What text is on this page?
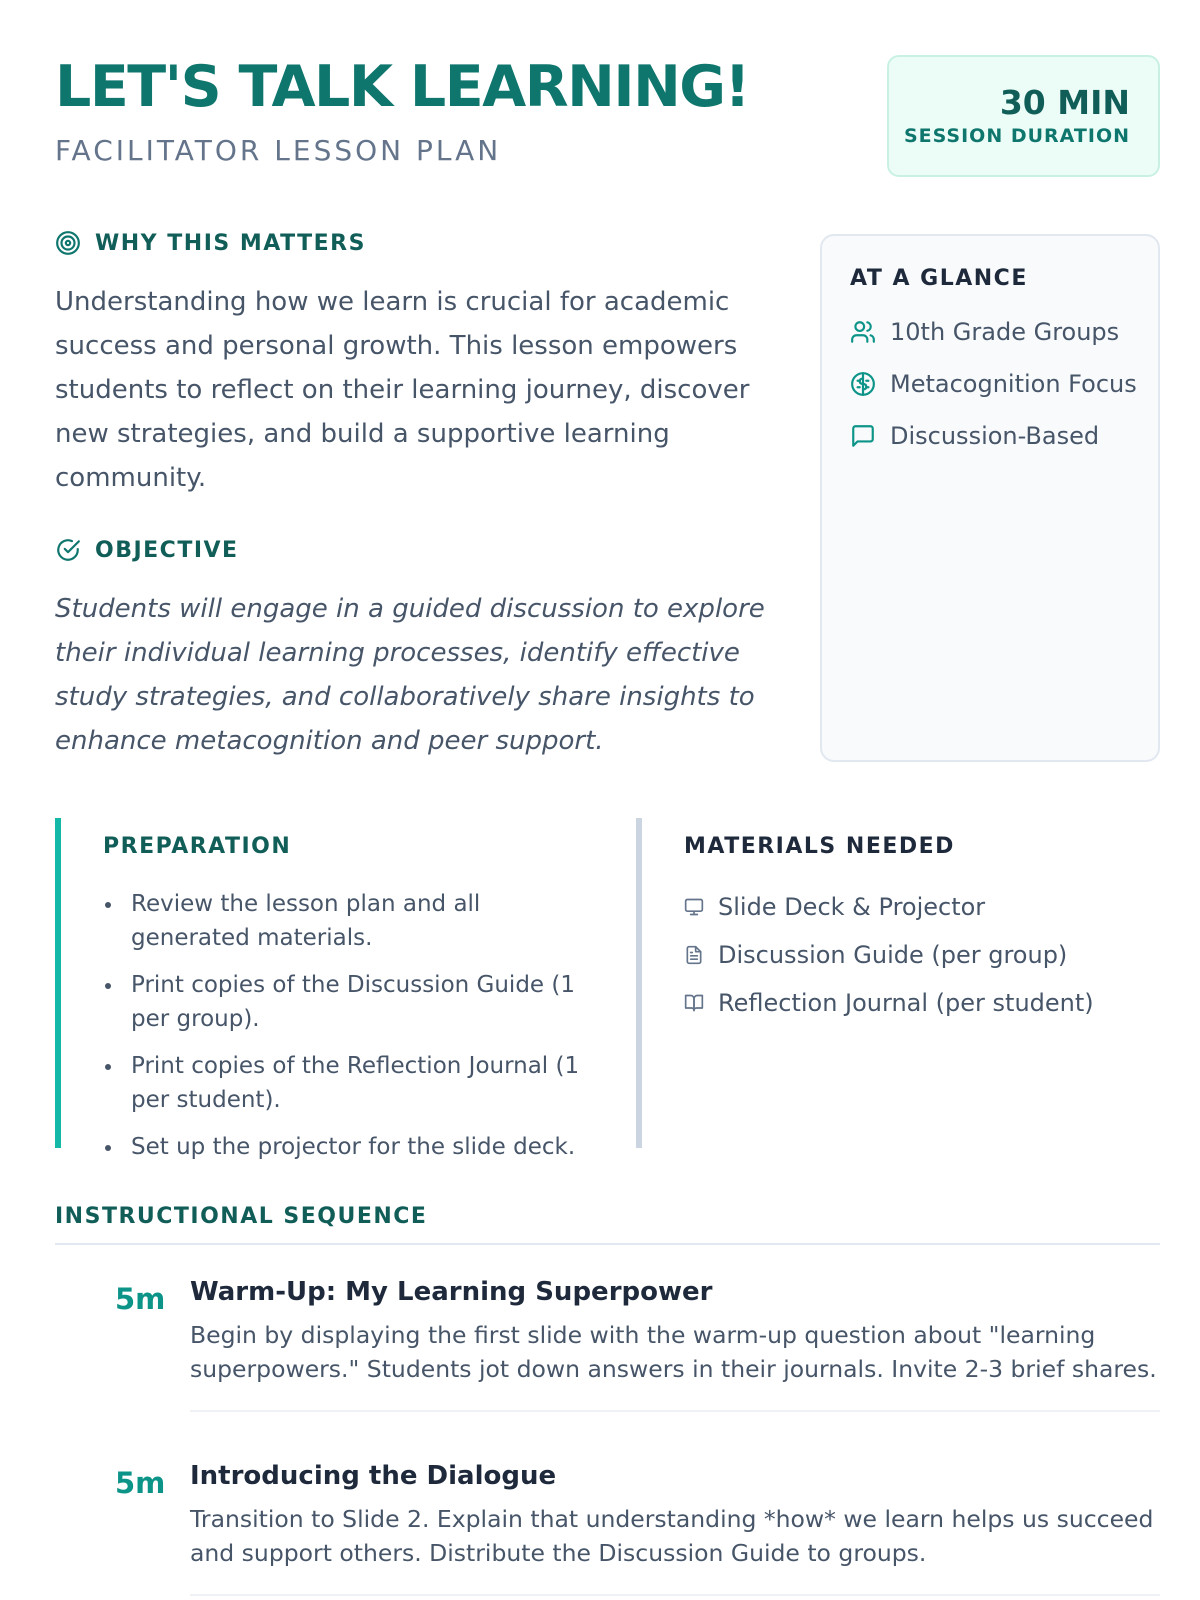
LET'S TALK LEARNING!
FACILITATOR LESSON PLAN
30 MIN
SESSION DURATION
WHY THIS MATTERS
Understanding how we learn is crucial for academic success and personal growth. This lesson empowers students to reflect on their learning journey, discover new strategies, and build a supportive learning community.
OBJECTIVE
Students will engage in a guided discussion to explore their individual learning processes, identify effective study strategies, and collaboratively share insights to enhance metacognition and peer support.
AT A GLANCE
10th Grade Groups
Metacognition Focus
Discussion-Based
PREPARATION
Review the lesson plan and all generated materials.
Print copies of the Discussion Guide (1 per group).
Print copies of the Reflection Journal (1 per student).
Set up the projector for the slide deck.
MATERIALS NEEDED
Slide Deck & Projector
Discussion Guide (per group)
Reflection Journal (per student)
INSTRUCTIONAL SEQUENCE
5m Warm-Up: My Learning Superpower
Begin by displaying the first slide with the warm-up question about "learning superpowers." Students jot down answers in their journals. Invite 2-3 brief shares.
5m Introducing the Dialogue
Transition to Slide 2. Explain that understanding *how* we learn helps us succeed and support others. Distribute the Discussion Guide to groups.
